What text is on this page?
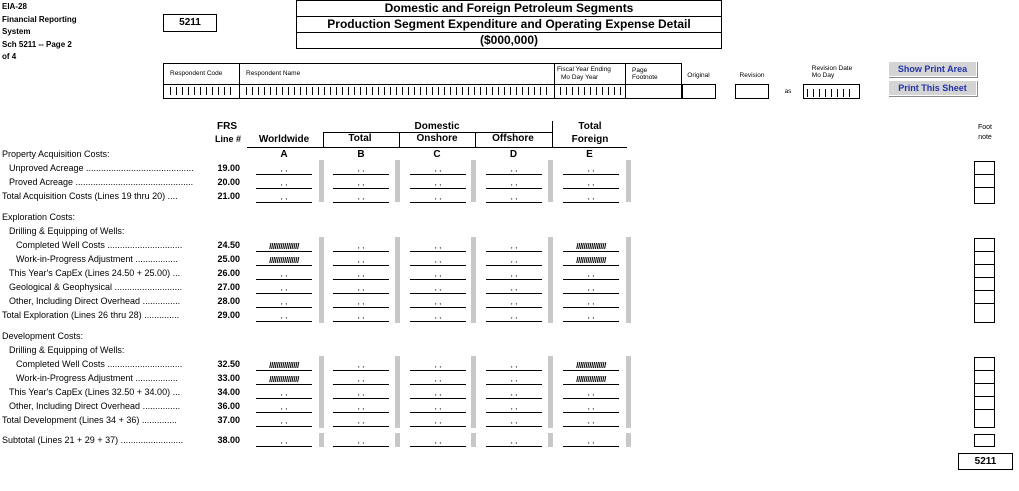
EIA-28
Financial Reporting
System
Sch 5211 -- Page 2
of 4
5211
Domestic and Foreign Petroleum Segments
Production Segment Expenditure and Operating Expense Detail
($000,000)
Respondent Code	Respondent Name
Fiscal Year Ending
Mo Day Year
Page
Footnote	Original	Revision
as
Revision Date
Mo Day
Show Print Area
Print This Sheet
FRS
Line #	Worldwide
Domestic
Total	Onshore	Offshore
Total
Foreign
A	B	C	D	E
Foot
note
Property Acquisition Costs:
Exploration Costs:
Drilling & Equipping of Wells:
Development Costs:
Drilling & Equipping of Wells:
Unproved Acreage ...........................................	19.00	, ,	, ,	, ,	, ,	, ,
Proved Acreage ...............................................	20.00	, ,	, ,	, ,	, ,	, ,
Total Acquisition Costs (Lines 19 thru 20) ....	21.00	, ,	, ,	, ,	, ,	, ,
Completed Well Costs ..............................	24.50	////////////////	, ,	, ,	, ,	////////////////
Work-in-Progress Adjustment .................	25.00	////////////////	, ,	, ,	, ,	////////////////
This Year's CapEx (Lines 24.50 + 25.00) ...	26.00	, ,	, ,	, ,	, ,	, ,
Geological & Geophysical ...........................	27.00	, ,	, ,	, ,	, ,	, ,
Other, Including Direct Overhead ...............	28.00	, ,	, ,	, ,	, ,	, ,
Total Exploration (Lines 26 thru 28) ..............	29.00	, ,	, ,	, ,	, ,	, ,
Completed Well Costs ..............................	32.50	////////////////	, ,	, ,	, ,	////////////////
Work-in-Progress Adjustment .................	33.00	////////////////	, ,	, ,	, ,	////////////////
This Year's CapEx (Lines 32.50 + 34.00) ...	34.00	, ,	, ,	, ,	, ,	, ,
Other, Including Direct Overhead ...............	36.00	, ,	, ,	, ,	, ,	, ,
Total Development (Lines 34 + 36) ..............	37.00	, ,	, ,	, ,	, ,	, ,
Subtotal (Lines 21 + 29 + 37) .........................	38.00	, ,	, ,	, ,	, ,	, ,
5211
